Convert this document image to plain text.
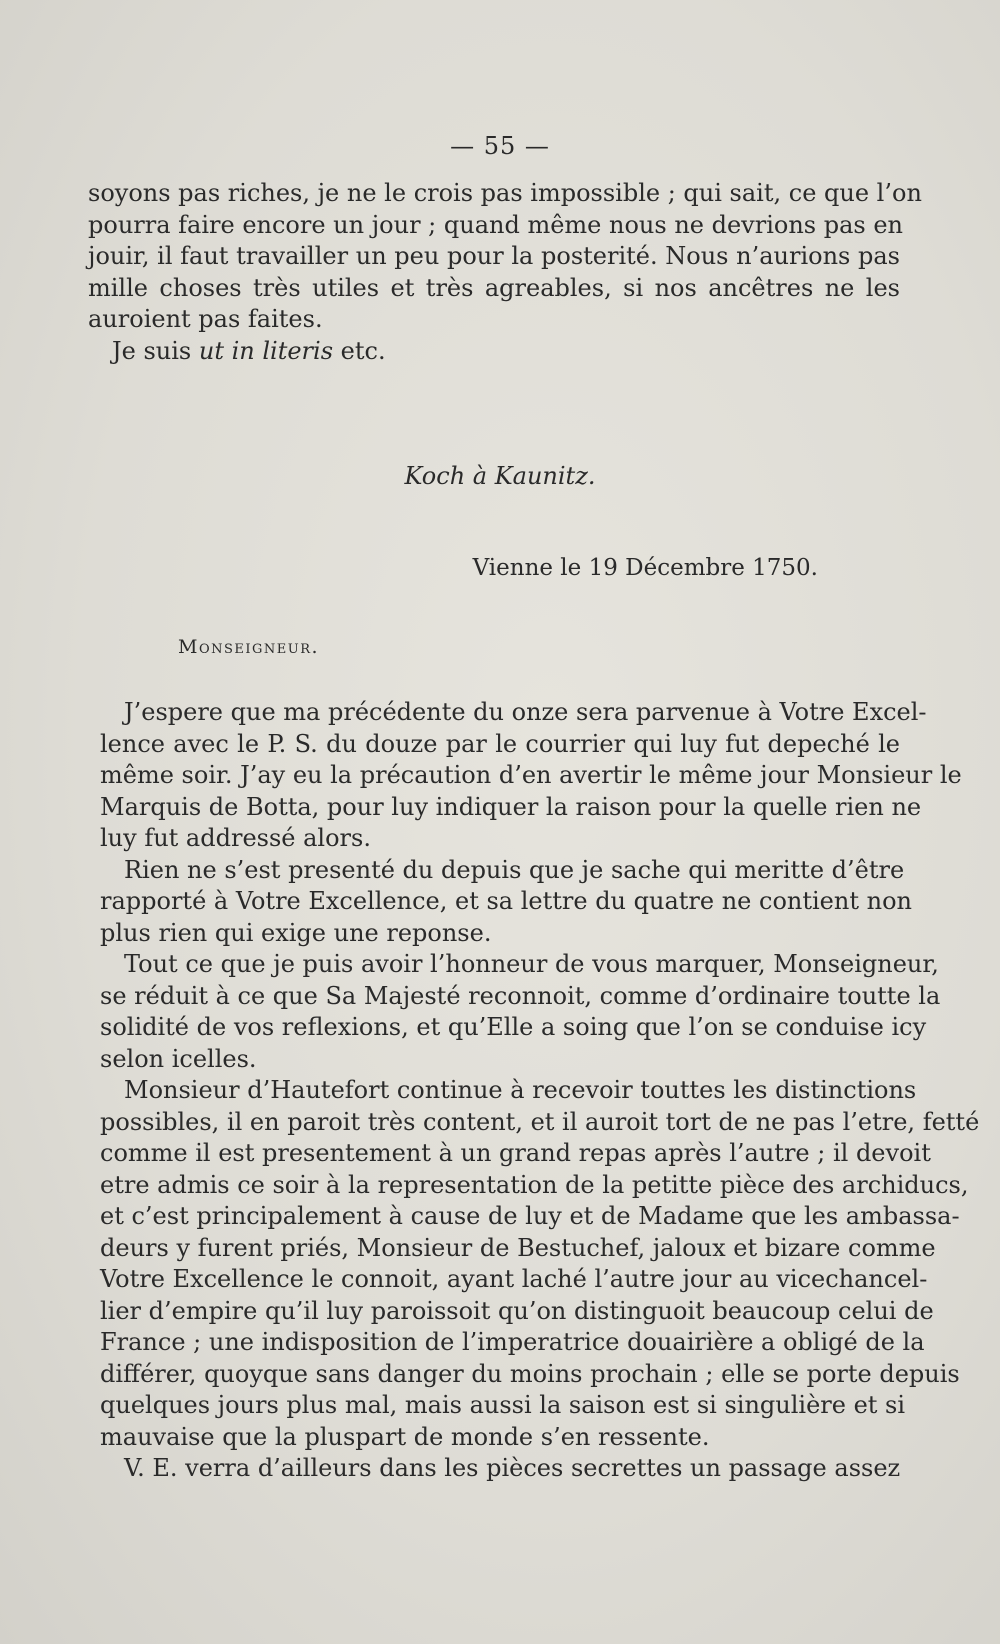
— 55 —
soyons pas riches, je ne le crois pas impossible ; qui sait, ce que l’on
pourra faire encore un jour ; quand même nous ne devrions pas en
jouir, il faut travailler un peu pour la posterité. Nous n’aurions pas
mille choses très utiles et très agreables, si nos ancêtres ne les
auroient pas faites.
Je suis ut in literis etc.
Koch à Kaunitz.
Vienne le 19 Décembre 1750.
Monseigneur.
J’espere que ma précédente du onze sera parvenue à Votre Excel-
lence avec le P. S. du douze par le courrier qui luy fut depeché le
même soir. J’ay eu la précaution d’en avertir le même jour Monsieur le
Marquis de Botta, pour luy indiquer la raison pour la quelle rien ne
luy fut addressé alors.
Rien ne s’est presenté du depuis que je sache qui meritte d’être
rapporté à Votre Excellence, et sa lettre du quatre ne contient non
plus rien qui exige une reponse.
Tout ce que je puis avoir l’honneur de vous marquer, Monseigneur,
se réduit à ce que Sa Majesté reconnoit, comme d’ordinaire toutte la
solidité de vos reflexions, et qu’Elle a soing que l’on se conduise icy
selon icelles.
Monsieur d’Hautefort continue à recevoir touttes les distinctions
possibles, il en paroit très content, et il auroit tort de ne pas l’etre, fetté
comme il est presentement à un grand repas après l’autre ; il devoit
etre admis ce soir à la representation de la petitte pièce des archiducs,
et c’est principalement à cause de luy et de Madame que les ambassa-
deurs y furent priés, Monsieur de Bestuchef, jaloux et bizare comme
Votre Excellence le connoit, ayant laché l’autre jour au vicechancel-
lier d’empire qu’il luy paroissoit qu’on distinguoit beaucoup celui de
France ; une indisposition de l’imperatrice douairière a obligé de la
différer, quoyque sans danger du moins prochain ; elle se porte depuis
quelques jours plus mal, mais aussi la saison est si singulière et si
mauvaise que la pluspart de monde s’en ressente.
V. E. verra d’ailleurs dans les pièces secrettes un passage assez
